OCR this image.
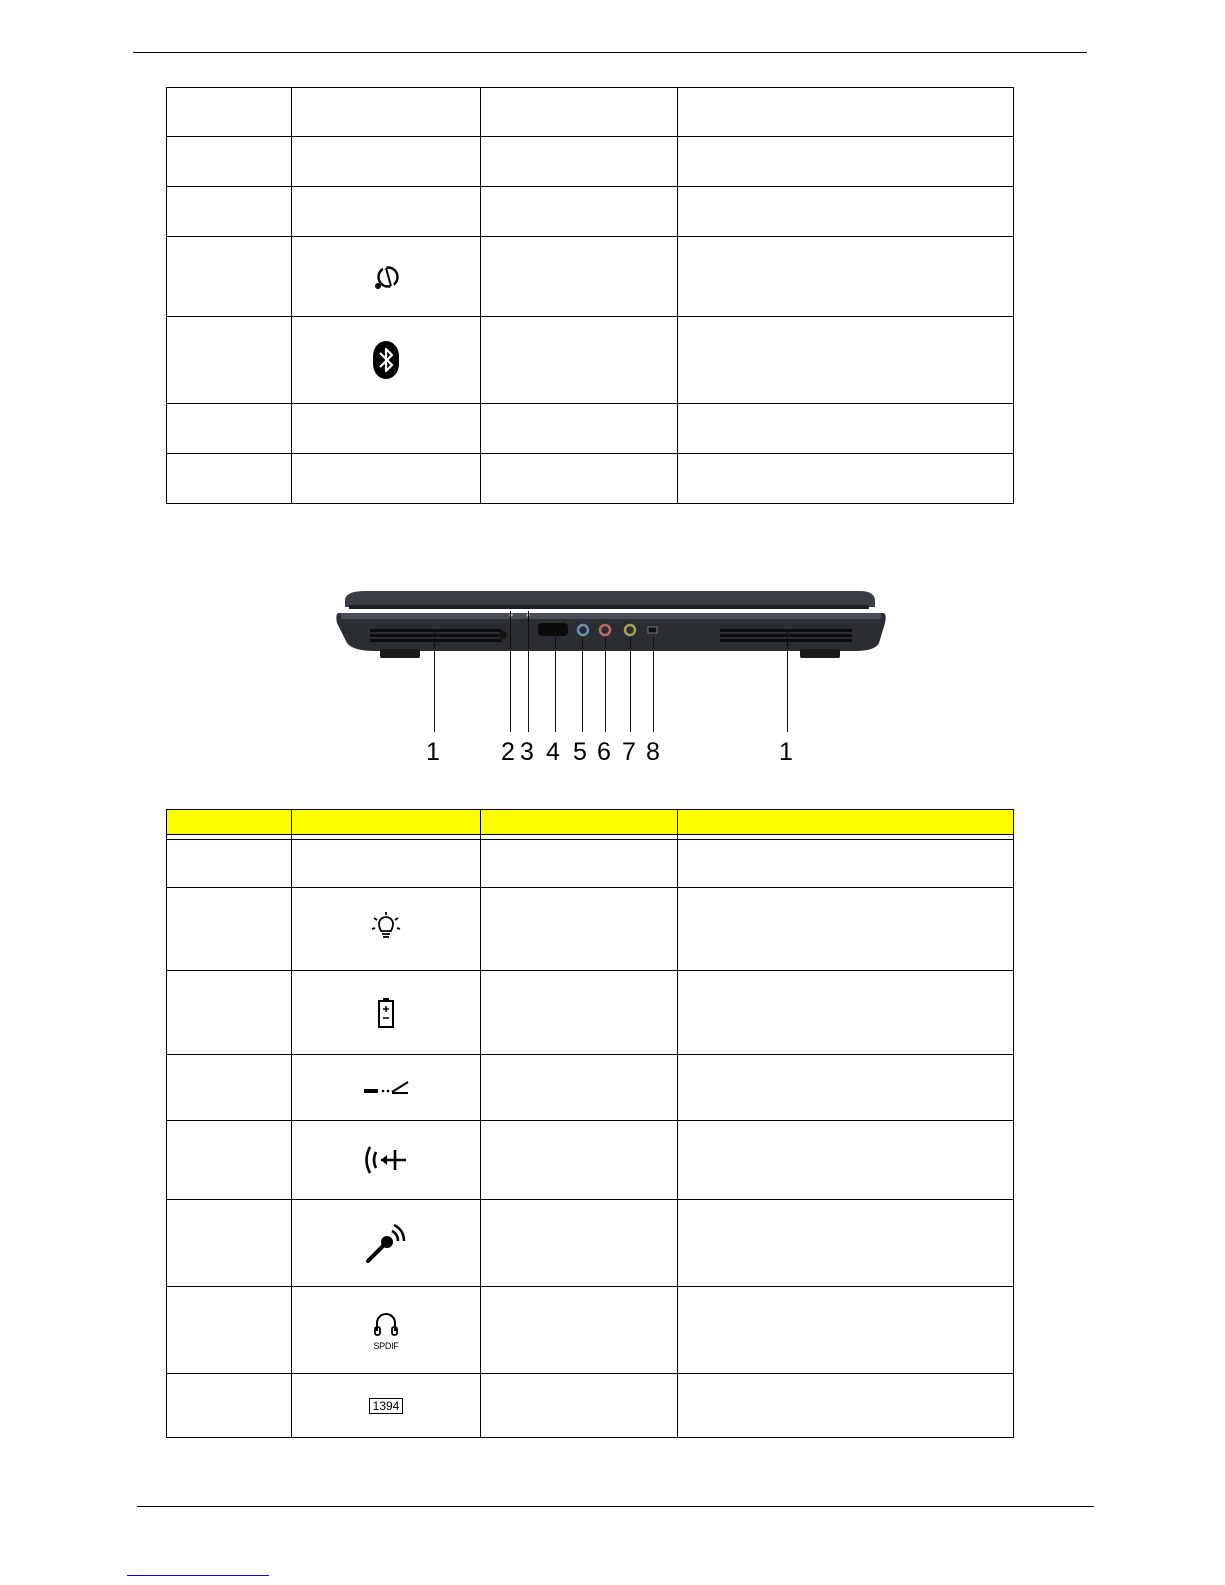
1 2 3 4 5 6 7 8	1

	SPDIF		

	1394		
